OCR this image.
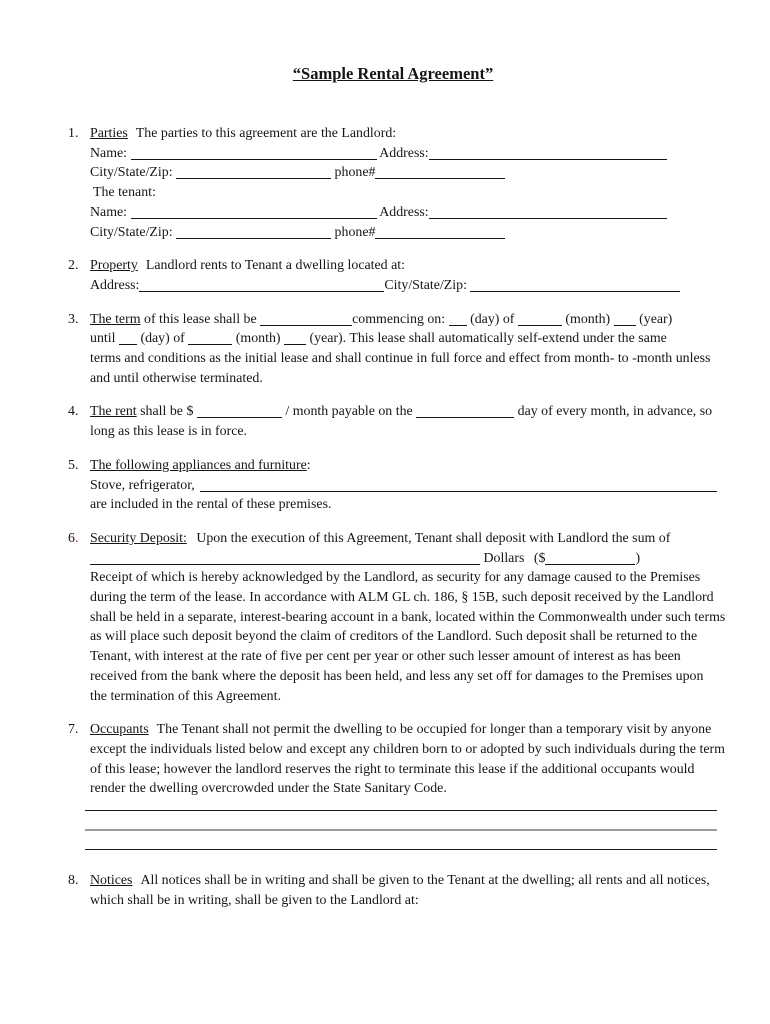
“Sample Rental Agreement”
1. Parties The parties to this agreement are the Landlord:
Name:	Address:
City/State/Zip:	phone#
The tenant:
Name:	Address:
City/State/Zip:	phone#
2. Property Landlord rents to Tenant a dwelling located at:
Address:	City/State/Zip:
3. The term of this lease shall be	commencing on: (day) of	(month) (year)
until (day) of	(month) (year). This lease shall automatically self-extend under the same
terms and conditions as the initial lease and shall continue in full force and effect from month- to -month unless
and until otherwise terminated.
4. The rent shall be $	/ month payable on the	day of every month, in advance, so
long as this lease is in force.
5. The following appliances and furniture:
Stove, refrigerator,
are included in the rental of these premises.
6. Security Deposit: Upon the execution of this Agreement, Tenant shall deposit with Landlord the sum of
Dollars ($	)
Receipt of which is hereby acknowledged by the Landlord, as security for any damage caused to the Premises
during the term of the lease. In accordance with ALM GL ch. 186, § 15B, such deposit received by the Landlord
shall be held in a separate, interest-bearing account in a bank, located within the Commonwealth under such terms
as will place such deposit beyond the claim of creditors of the Landlord. Such deposit shall be returned to the
Tenant, with interest at the rate of five per cent per year or other such lesser amount of interest as has been
received from the bank where the deposit has been held, and less any set off for damages to the Premises upon
the termination of this Agreement.
7. Occupants The Tenant shall not permit the dwelling to be occupied for longer than a temporary visit by anyone
except the individuals listed below and except any children born to or adopted by such individuals during the term
of this lease; however the landlord reserves the right to terminate this lease if the additional occupants would
render the dwelling overcrowded under the State Sanitary Code.
8. Notices All notices shall be in writing and shall be given to the Tenant at the dwelling; all rents and all notices,
which shall be in writing, shall be given to the Landlord at:
